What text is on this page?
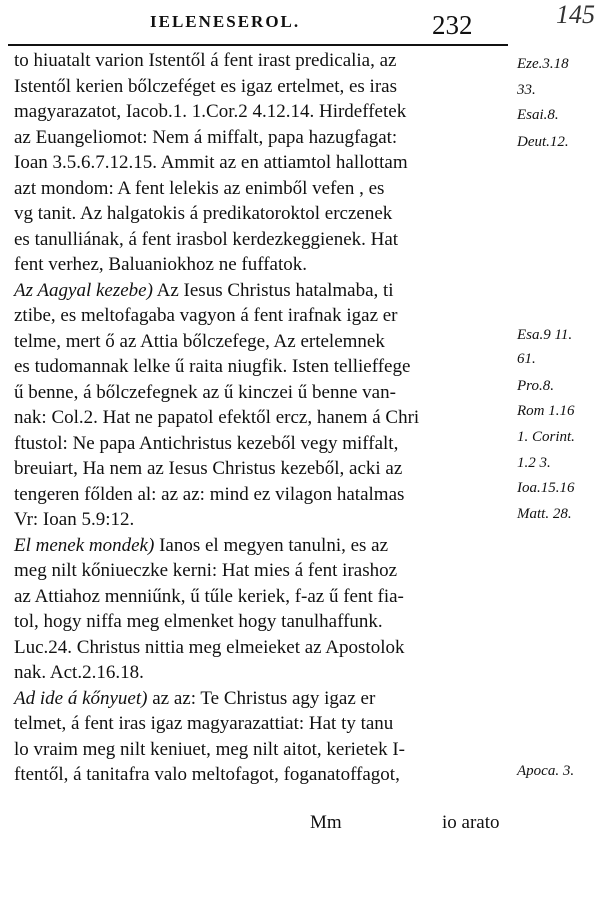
IELENESEROL.	232	145
to hiuatalt varion Istentől á fent irast predicalia, az
Istentől kerien bőlczeféget es igaz ertelmet, es iras
magyarazatot, Iacob.1. 1.Cor.2 4.12.14. Hirdeffetek
az Euangeliomot: Nem á miffalt, papa hazugfagat:
Ioan 3.5.6.7.12.15. Ammit az en attiamtol hallottam
azt mondom: A fent lelekis az enimből vefen , es
vg tanit. Az halgatokis á predikatoroktol erczenek
es tanulliának, á fent irasbol kerdezkeggienek. Hat
fent verhez, Baluaniokhoz ne fuffatok.
Az Aagyal kezebe) Az Iesus Christus hatalmaba, ti
ztibe, es meltofagaba vagyon á fent irafnak igaz er
telme, mert ő az Attia bőlczefege, Az ertelemnek
es tudomannak lelke ű raita niugfik. Isten tellieffege
ű benne, á bőlczefegnek az ű kinczei ű benne van-
nak: Col.2. Hat ne papatol efektől ercz, hanem á Chri
ftustol: Ne papa Antichristus kezeből vegy miffalt,
breuiart, Ha nem az Iesus Christus kezeből, acki az
tengeren főlden al: az az: mind ez vilagon hatalmas
Vr: Ioan 5.9:12.
El menek mondek) Ianos el megyen tanulni, es az
meg nilt kőniueczke kerni: Hat mies á fent irashoz
az Attiahoz menniűnk, ű tűle keriek, f-az ű fent fia-
tol, hogy niffa meg elmenket hogy tanulhaffunk.
Luc.24. Christus nittia meg elmeieket az Apostolok
nak. Act.2.16.18.
Ad ide á kőnyuet) az az: Te Christus agy igaz er
telmet, á fent iras igaz magyarazattiat: Hat ty tanu
lo vraim meg nilt keniuet, meg nilt aitot, kerietek I-
ftentől, á tanitafra valo meltofagot, foganatoffagot,
Eze.3.18
33.
Esai.8.
Deut.12.
Esa.9 11.
61.
Pro.8.
Rom 1.16
1. Corint.
1.2 3.
Ioa.15.16
Matt. 28.
Apoca. 3.
Mm	io arato
